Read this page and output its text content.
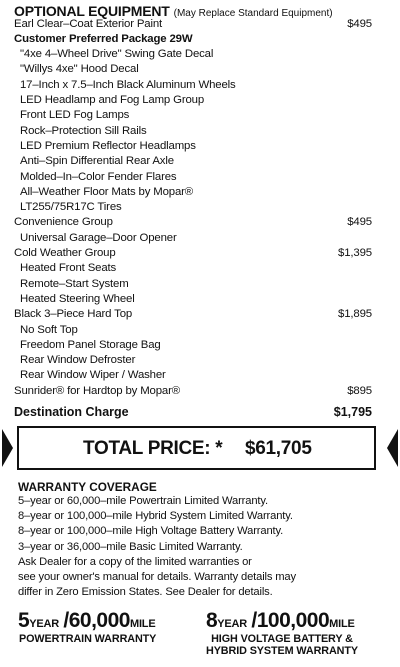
OPTIONAL EQUIPMENT (May Replace Standard Equipment)
Earl Clear–Coat Exterior Paint	$495
Customer Preferred Package 29W
"4xe 4–Wheel Drive" Swing Gate Decal
"Willys 4xe" Hood Decal
17–Inch x 7.5–Inch Black Aluminum Wheels
LED Headlamp and Fog Lamp Group
Front LED Fog Lamps
Rock–Protection Sill Rails
LED Premium Reflector Headlamps
Anti–Spin Differential Rear Axle
Molded–In–Color Fender Flares
All–Weather Floor Mats by Mopar®
LT255/75R17C Tires
Convenience Group	$495
Universal Garage–Door Opener
Cold Weather Group	$1,395
Heated Front Seats
Remote–Start System
Heated Steering Wheel
Black 3–Piece Hard Top	$1,895
No Soft Top
Freedom Panel Storage Bag
Rear Window Defroster
Rear Window Wiper / Washer
Sunrider® for Hardtop by Mopar®	$895
Destination Charge	$1,795
TOTAL PRICE: * $61,705
WARRANTY COVERAGE
5–year or 60,000–mile Powertrain Limited Warranty.
8–year or 100,000–mile Hybrid System Limited Warranty.
8–year or 100,000–mile High Voltage Battery Warranty.
3–year or 36,000–mile Basic Limited Warranty.
Ask Dealer for a copy of the limited warranties or
see your owner's manual for details. Warranty details may
differ in Zero Emission States. See Dealer for details.
5YEAR /60,000MILE
POWERTRAIN WARRANTY
8YEAR /100,000MILE
HIGH VOLTAGE BATTERY &
HYBRID SYSTEM WARRANTY
